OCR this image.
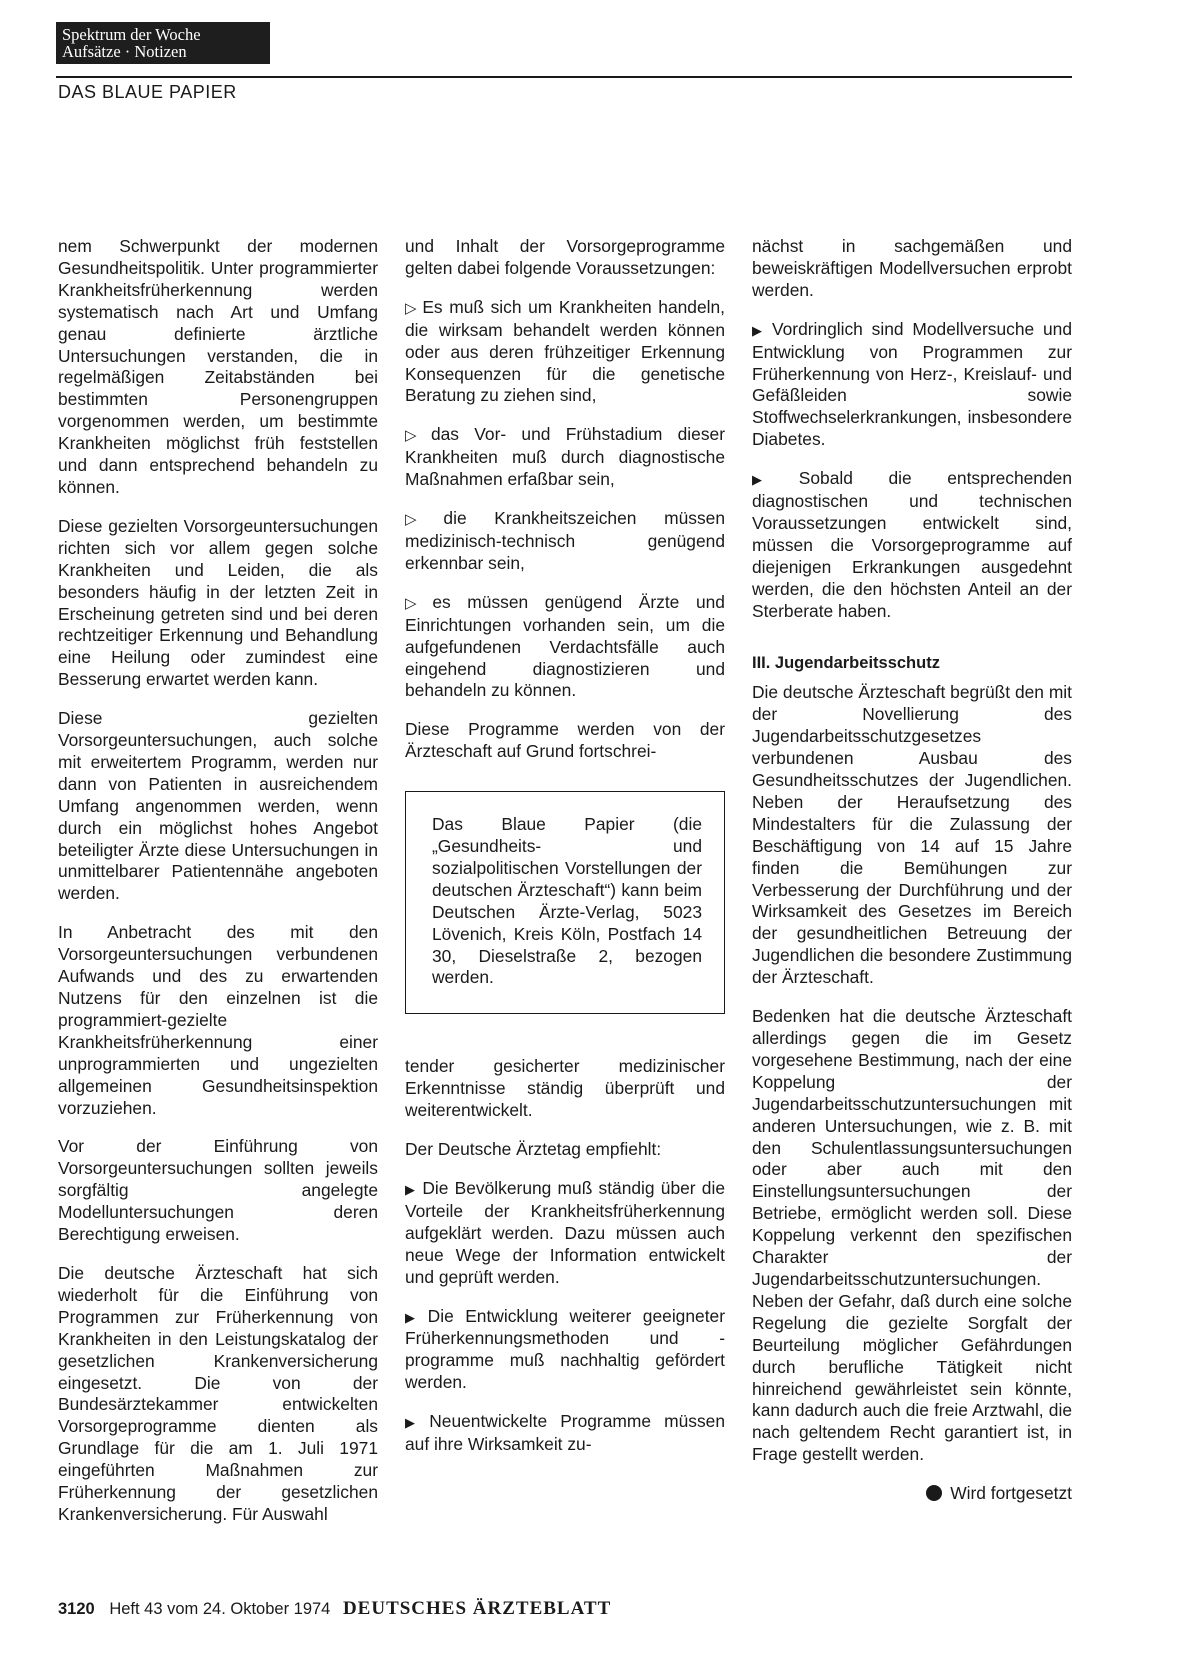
Spektrum der Woche
Aufsätze · Notizen
DAS BLAUE PAPIER

nem Schwerpunkt der modernen Gesundheitspolitik. Unter programmierter Krankheitsfrüherkennung werden systematisch nach Art und Umfang genau definierte ärztliche Untersuchungen verstanden, die in regelmäßigen Zeitabständen bei bestimmten Personengruppen vorgenommen werden, um bestimmte Krankheiten möglichst früh feststellen und dann entsprechend behandeln zu können.

Diese gezielten Vorsorgeuntersuchungen richten sich vor allem gegen solche Krankheiten und Leiden, die als besonders häufig in der letzten Zeit in Erscheinung getreten sind und bei deren rechtzeitiger Erkennung und Behandlung eine Heilung oder zumindest eine Besserung erwartet werden kann.

Diese gezielten Vorsorgeuntersuchungen, auch solche mit erweitertem Programm, werden nur dann von Patienten in ausreichendem Umfang angenommen werden, wenn durch ein möglichst hohes Angebot beteiligter Ärzte diese Untersuchungen in unmittelbarer Patientennähe angeboten werden.

In Anbetracht des mit den Vorsorgeuntersuchungen verbundenen Aufwands und des zu erwartenden Nutzens für den einzelnen ist die programmiert-gezielte Krankheitsfrüherkennung einer unprogrammierten und ungezielten allgemeinen Gesundheitsinspektion vorzuziehen.

Vor der Einführung von Vorsorgeuntersuchungen sollten jeweils sorgfältig angelegte Modelluntersuchungen deren Berechtigung erweisen.

Die deutsche Ärzteschaft hat sich wiederholt für die Einführung von Programmen zur Früherkennung von Krankheiten in den Leistungskatalog der gesetzlichen Krankenversicherung eingesetzt. Die von der Bundesärztekammer entwickelten Vorsorgeprogramme dienten als Grundlage für die am 1. Juli 1971 eingeführten Maßnahmen zur Früherkennung der gesetzlichen Krankenversicherung. Für Auswahl

und Inhalt der Vorsorgeprogramme gelten dabei folgende Voraussetzungen:

▷ Es muß sich um Krankheiten handeln, die wirksam behandelt werden können oder aus deren frühzeitiger Erkennung Konsequenzen für die genetische Beratung zu ziehen sind,

▷ das Vor- und Frühstadium dieser Krankheiten muß durch diagnostische Maßnahmen erfaßbar sein,

▷ die Krankheitszeichen müssen medizinisch-technisch genügend erkennbar sein,

▷ es müssen genügend Ärzte und Einrichtungen vorhanden sein, um die aufgefundenen Verdachtsfälle auch eingehend diagnostizieren und behandeln zu können.

Diese Programme werden von der Ärzteschaft auf Grund fortschrei-

Das Blaue Papier (die „Gesundheits- und sozialpolitischen Vorstellungen der deutschen Ärzteschaft“) kann beim Deutschen Ärzte-Verlag, 5023 Lövenich, Kreis Köln, Postfach 14 30, Dieselstraße 2, bezogen werden.

tender gesicherter medizinischer Erkenntnisse ständig überprüft und weiterentwickelt.

Der Deutsche Ärztetag empfiehlt:

▶ Die Bevölkerung muß ständig über die Vorteile der Krankheitsfrüherkennung aufgeklärt werden. Dazu müssen auch neue Wege der Information entwickelt und geprüft werden.

▶ Die Entwicklung weiterer geeigneter Früherkennungsmethoden und -programme muß nachhaltig gefördert werden.

▶ Neuentwickelte Programme müssen auf ihre Wirksamkeit zu-

nächst in sachgemäßen und beweiskräftigen Modellversuchen erprobt werden.

▶ Vordringlich sind Modellversuche und Entwicklung von Programmen zur Früherkennung von Herz-, Kreislauf- und Gefäßleiden sowie Stoffwechselerkrankungen, insbesondere Diabetes.

▶ Sobald die entsprechenden diagnostischen und technischen Voraussetzungen entwickelt sind, müssen die Vorsorgeprogramme auf diejenigen Erkrankungen ausgedehnt werden, die den höchsten Anteil an der Sterberate haben.

III. Jugendarbeitsschutz

Die deutsche Ärzteschaft begrüßt den mit der Novellierung des Jugendarbeitsschutzgesetzes verbundenen Ausbau des Gesundheitsschutzes der Jugendlichen. Neben der Heraufsetzung des Mindestalters für die Zulassung der Beschäftigung von 14 auf 15 Jahre finden die Bemühungen zur Verbesserung der Durchführung und der Wirksamkeit des Gesetzes im Bereich der gesundheitlichen Betreuung der Jugendlichen die besondere Zustimmung der Ärzteschaft.

Bedenken hat die deutsche Ärzteschaft allerdings gegen die im Gesetz vorgesehene Bestimmung, nach der eine Koppelung der Jugendarbeitsschutzuntersuchungen mit anderen Untersuchungen, wie z. B. mit den Schulentlassungsuntersuchungen oder aber auch mit den Einstellungsuntersuchungen der Betriebe, ermöglicht werden soll. Diese Koppelung verkennt den spezifischen Charakter der Jugendarbeitsschutzuntersuchungen. Neben der Gefahr, daß durch eine solche Regelung die gezielte Sorgfalt der Beurteilung möglicher Gefährdungen durch berufliche Tätigkeit nicht hinreichend gewährleistet sein könnte, kann dadurch auch die freie Arztwahl, die nach geltendem Recht garantiert ist, in Frage gestellt werden.

Wird fortgesetzt
3120 Heft 43 vom 24. Oktober 1974 DEUTSCHES ÄRZTEBLATT
